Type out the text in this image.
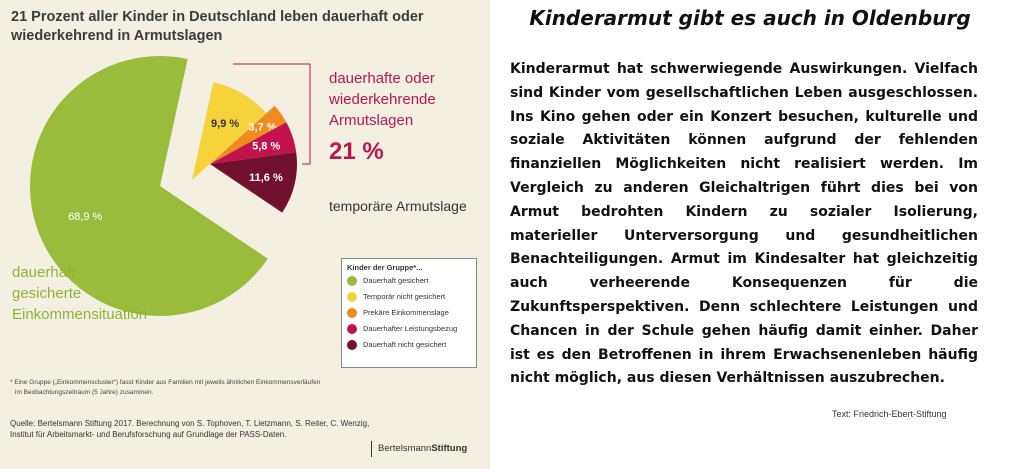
21 Prozent aller Kinder in Deutschland leben dauerhaft oder
wiederkehrend in Armutslagen
68,9 %
9,9 % 3,7 %
5,8 %
11,6 %
dauerhafte oder
wiederkehrende
Armutslagen
21 %
temporäre Armutslage
dauerhaft
gesicherte
Einkommensituation
Kinder der Gruppe*...
Dauerhaft gesichert
Temporär nicht gesichert
Prekäre Einkommenslage
Dauerhafter Leistungsbezug
Dauerhaft nicht gesichert
* Eine Gruppe („Einkommenscluster“) fasst Kinder aus Familien mit jeweils ähnlichen Einkommensverläufen
im Beobachtungszeitraum (5 Jahre) zusammen.
Quelle: Bertelsmann Stiftung 2017. Berechnung von S. Tophoven, T. Lietzmann, S. Reiter, C. Wenzig,
Institut für Arbeitsmarkt- und Berufsforschung auf Grundlage der PASS-Daten.
BertelsmannStiftung
Kinderarmut gibt es auch in Oldenburg
Kinderarmut hat schwerwiegende Auswirkungen. Vielfach sind Kinder vom gesellschaftlichen Leben ausgeschlossen. Ins Kino gehen oder ein Konzert besuchen, kulturelle und soziale Aktivitäten können aufgrund der fehlenden finanziellen Möglichkeiten nicht realisiert werden. Im Vergleich zu anderen Gleichaltrigen führt dies bei von Armut bedrohten Kindern zu sozialer Isolierung, materieller Unterversorgung und gesundheitlichen Benachteiligungen. Armut im Kindesalter hat gleichzeitig auch verheerende Konsequenzen für die Zukunftsperspektiven. Denn schlechtere Leistungen und Chancen in der Schule gehen häufig damit einher. Daher ist es den Betroffenen in ihrem Erwachsenenleben häufig nicht möglich, aus diesen Verhältnissen auszubrechen.
Text: Friedrich-Ebert-Stiftung
